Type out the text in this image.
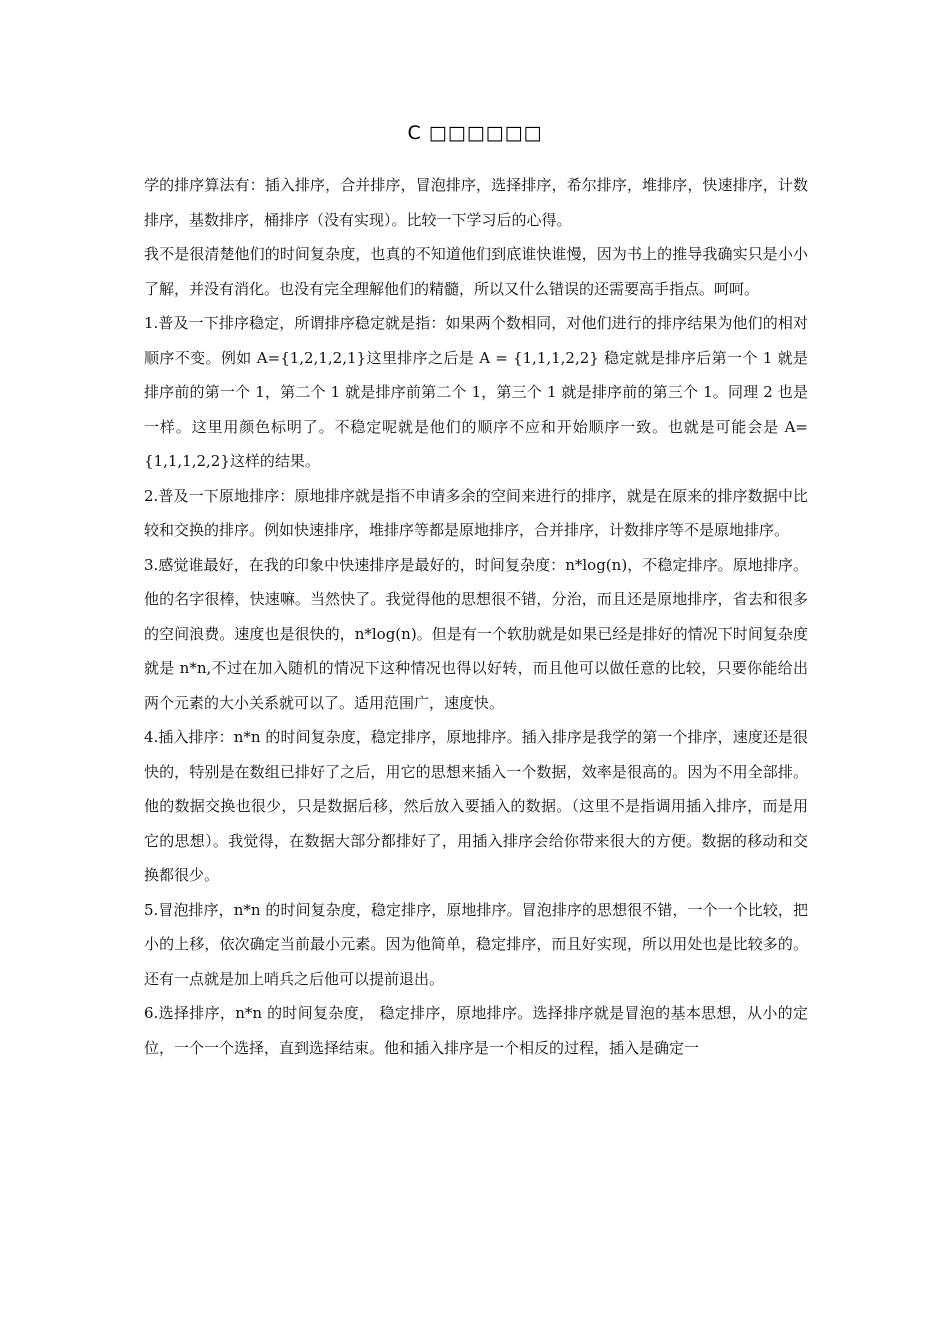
C □□□□□□

学的排序算法有：插入排序，合并排序，冒泡排序，选择排序，希尔排序，堆排序，快速排序，计数排序，基数排序，桶排序（没有实现）。比较一下学习后的心得。

我不是很清楚他们的时间复杂度，也真的不知道他们到底谁快谁慢，因为书上的推导我确实只是小小了解，并没有消化。也没有完全理解他们的精髓，所以又什么错误的还需要高手指点。呵呵。

1.普及一下排序稳定，所谓排序稳定就是指：如果两个数相同，对他们进行的排序结果为他们的相对顺序不变。例如 A={1,2,1,2,1}这里排序之后是 A = {1,1,1,2,2} 稳定就是排序后第一个 1 就是排序前的第一个 1，第二个 1 就是排序前第二个 1，第三个 1 就是排序前的第三个 1。同理 2 也是一样。这里用颜色标明了。不稳定呢就是他们的顺序不应和开始顺序一致。也就是可能会是 A={1,1,1,2,2}这样的结果。

2.普及一下原地排序：原地排序就是指不申请多余的空间来进行的排序，就是在原来的排序数据中比较和交换的排序。例如快速排序，堆排序等都是原地排序，合并排序，计数排序等不是原地排序。

3.感觉谁最好，在我的印象中快速排序是最好的，时间复杂度：n*log(n)，不稳定排序。原地排序。他的名字很棒，快速嘛。当然快了。我觉得他的思想很不错，分治，而且还是原地排序，省去和很多的空间浪费。速度也是很快的，n*log(n)。但是有一个软肋就是如果已经是排好的情况下时间复杂度就是 n*n,不过在加入随机的情况下这种情况也得以好转，而且他可以做任意的比较，只要你能给出两个元素的大小关系就可以了。适用范围广，速度快。

4.插入排序：n*n 的时间复杂度，稳定排序，原地排序。插入排序是我学的第一个排序，速度还是很快的，特别是在数组已排好了之后，用它的思想来插入一个数据，效率是很高的。因为不用全部排。他的数据交换也很少，只是数据后移，然后放入要插入的数据。（这里不是指调用插入排序，而是用它的思想）。我觉得，在数据大部分都排好了，用插入排序会给你带来很大的方便。数据的移动和交换都很少。

5.冒泡排序，n*n 的时间复杂度，稳定排序，原地排序。冒泡排序的思想很不错，一个一个比较，把小的上移，依次确定当前最小元素。因为他简单，稳定排序，而且好实现，所以用处也是比较多的。还有一点就是加上哨兵之后他可以提前退出。

6.选择排序，n*n 的时间复杂度， 稳定排序，原地排序。选择排序就是冒泡的基本思想，从小的定位，一个一个选择，直到选择结束。他和插入排序是一个相反的过程，插入是确定一
